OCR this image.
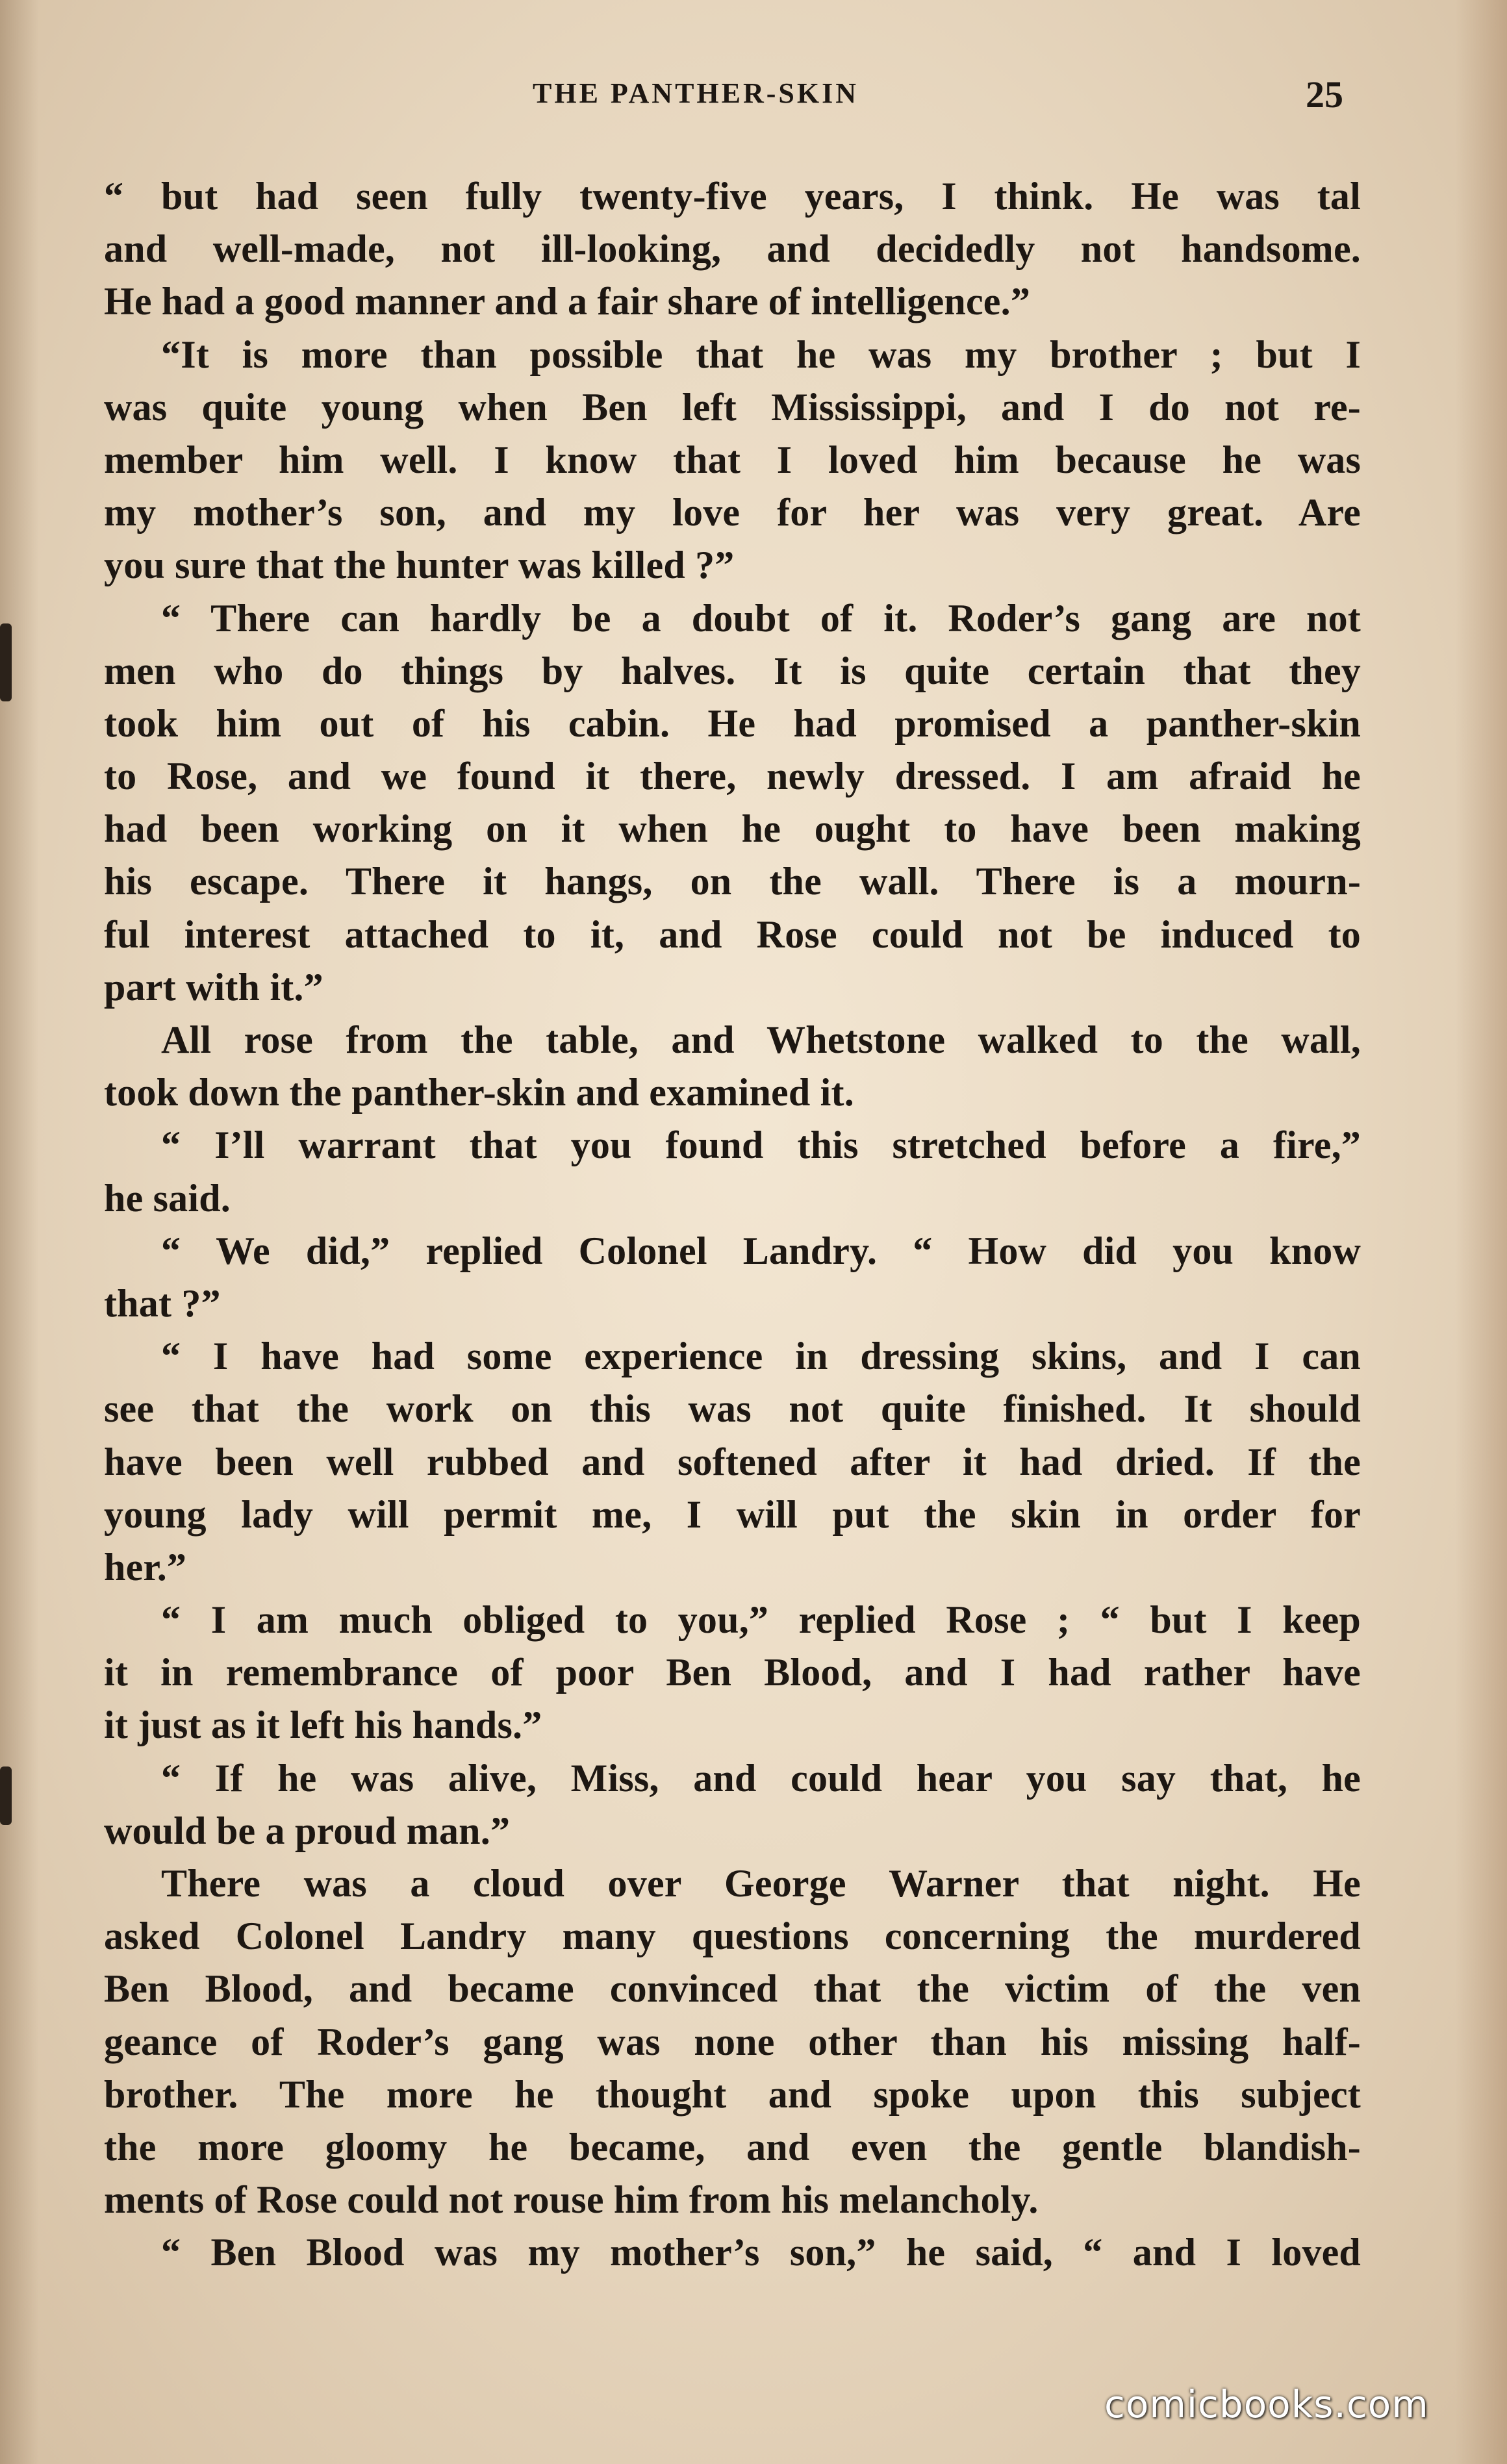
THE PANTHER-SKIN	25
“ but had seen fully twenty-five years, I think. He was tal
and well-made, not ill-looking, and decidedly not handsome.
He had a good manner and a fair share of intelligence.”
“It is more than possible that he was my brother ; but I
was quite young when Ben left Mississippi, and I do not re-
member him well. I know that I loved him because he was
my mother’s son, and my love for her was very great. Are
you sure that the hunter was killed ?”
“ There can hardly be a doubt of it. Roder’s gang are not
men who do things by halves. It is quite certain that they
took him out of his cabin. He had promised a panther-skin
to Rose, and we found it there, newly dressed. I am afraid he
had been working on it when he ought to have been making
his escape. There it hangs, on the wall. There is a mourn-
ful interest attached to it, and Rose could not be induced to
part with it.”
All rose from the table, and Whetstone walked to the wall,
took down the panther-skin and examined it.
“ I’ll warrant that you found this stretched before a fire,”
he said.
“ We did,” replied Colonel Landry. “ How did you know
that ?”
“ I have had some experience in dressing skins, and I can
see that the work on this was not quite finished. It should
have been well rubbed and softened after it had dried. If the
young lady will permit me, I will put the skin in order for
her.”
“ I am much obliged to you,” replied Rose ; “ but I keep
it in remembrance of poor Ben Blood, and I had rather have
it just as it left his hands.”
“ If he was alive, Miss, and could hear you say that, he
would be a proud man.”
There was a cloud over George Warner that night. He
asked Colonel Landry many questions concerning the murdered
Ben Blood, and became convinced that the victim of the ven
geance of Roder’s gang was none other than his missing half-
brother. The more he thought and spoke upon this subject
the more gloomy he became, and even the gentle blandish-
ments of Rose could not rouse him from his melancholy.
“ Ben Blood was my mother’s son,” he said, “ and I loved
comicbooks.com
